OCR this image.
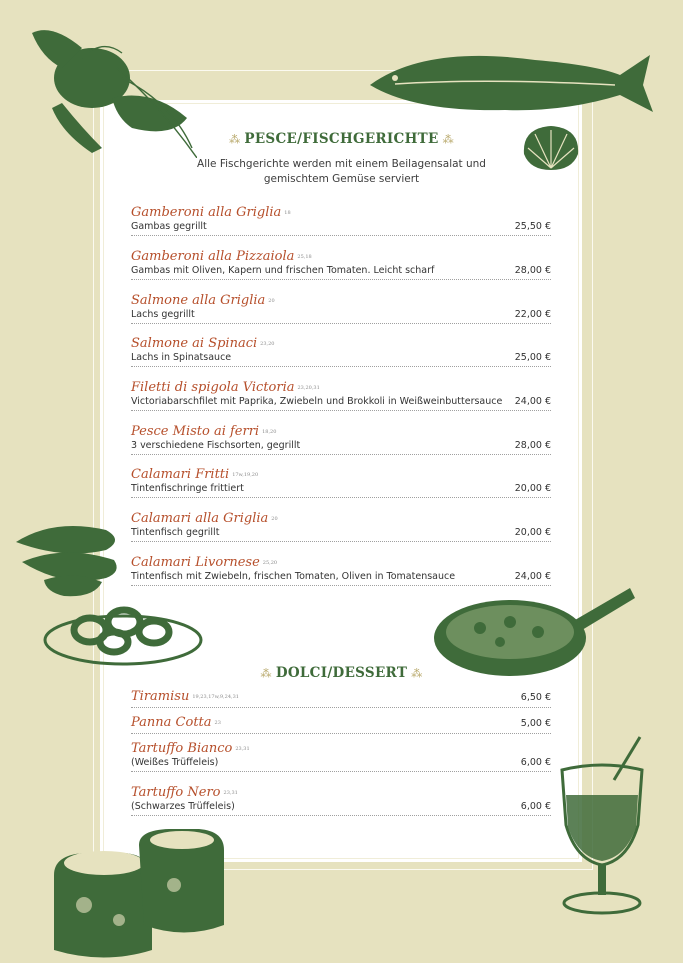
⁂ PESCE/FISCHGERICHTE ⁂
Alle Fischgerichte werden mit einem Beilagensalat und
gemischtem Gemüse serviert
Gamberoni alla Griglia 18
Gambas gegrillt	25,50 €
Gamberoni alla Pizzaiola 25,18
Gambas mit Oliven, Kapern und frischen Tomaten. Leicht scharf	28,00 €
Salmone alla Griglia 20
Lachs gegrillt	22,00 €
Salmone ai Spinaci 23,20
Lachs in Spinatsauce	25,00 €
Filetti di spigola Victoria 23,20,31
Victoriabarschfilet mit Paprika, Zwiebeln und Brokkoli in Weißweinbuttersauce 24,00 €
Pesce Misto ai ferri 18,20
3 verschiedene Fischsorten, gegrillt	28,00 €
Calamari Fritti 17w,19,20
Tintenfischringe frittiert	20,00 €
Calamari alla Griglia 20
Tintenfisch gegrillt	20,00 €
Calamari Livornese 25,20
Tintenfisch mit Zwiebeln, frischen Tomaten, Oliven in Tomatensauce	24,00 €
⁂ DOLCI/DESSERT ⁂
Tiramisu 19,23,17w,9,24,31	6,50 €
Panna Cotta 23	5,00 €
Tartuffo Bianco 23,31
(Weißes Trüffeleis)	6,00 €
Tartuffo Nero 23,31
(Schwarzes Trüffeleis)	6,00 €
